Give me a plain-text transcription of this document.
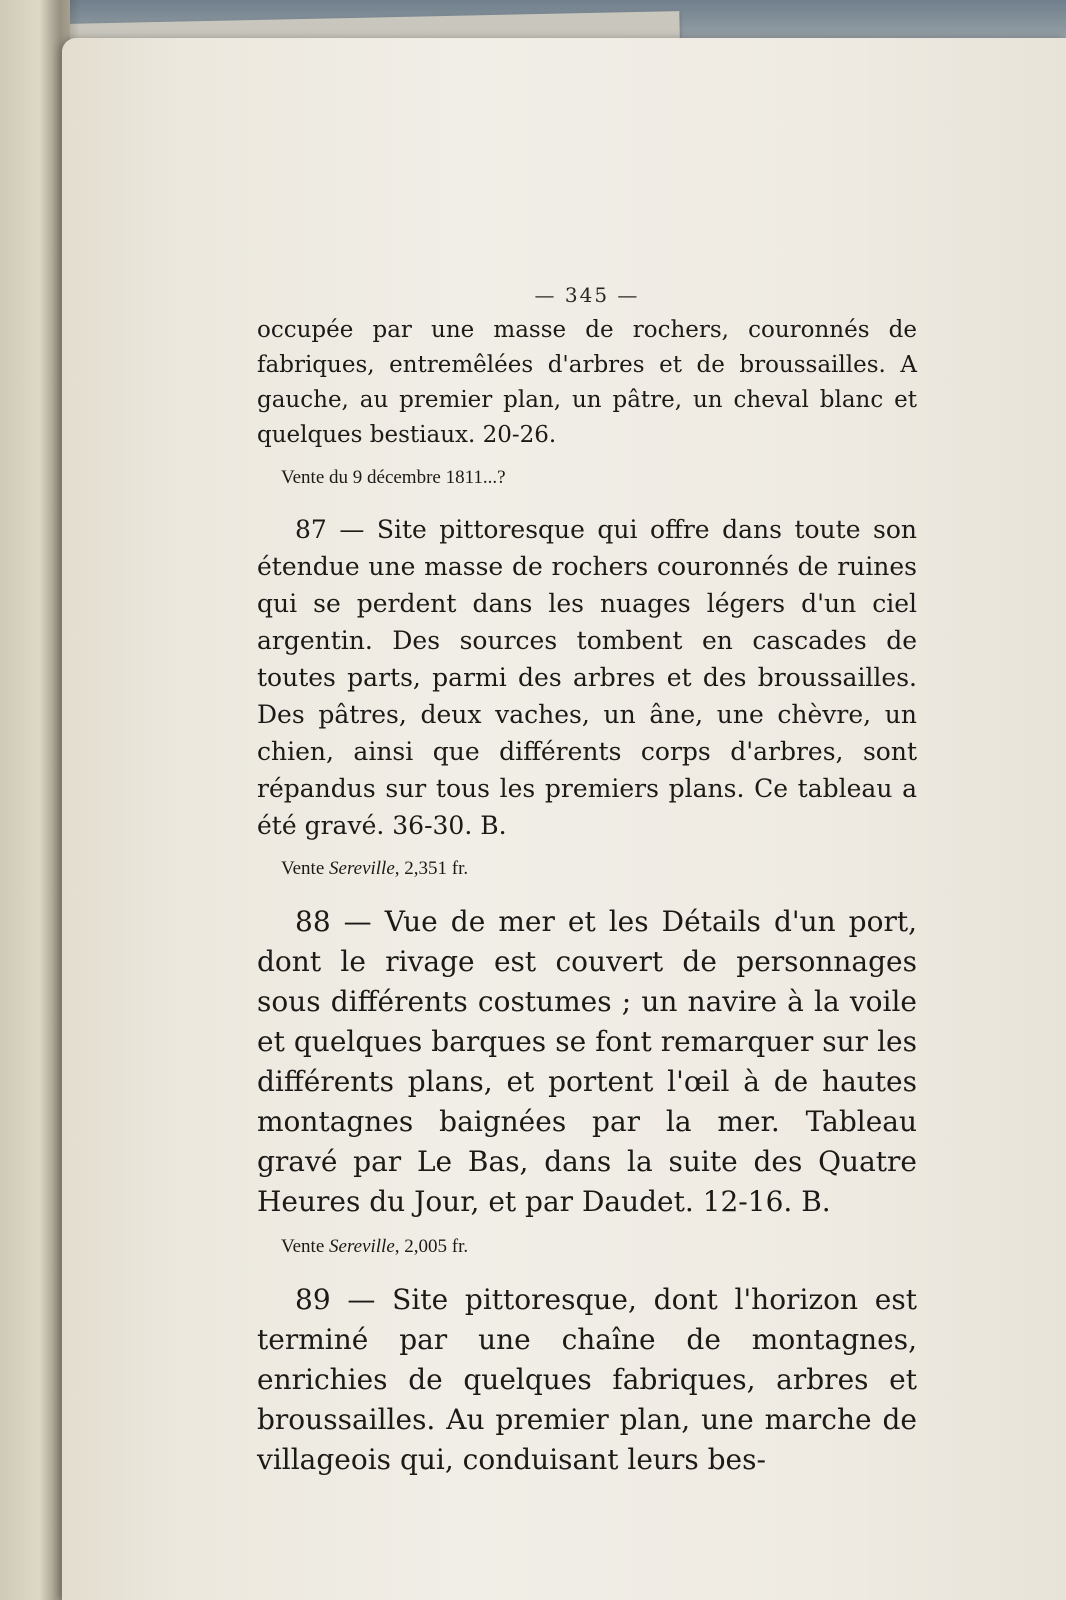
— 345 —

occupée par une masse de rochers, couronnés de fabriques, entremêlées d'arbres et de broussailles. A gauche, au premier plan, un pâtre, un cheval blanc et quelques bestiaux. 20-26.

Vente du 9 décembre 1811...?

87 — Site pittoresque qui offre dans toute son étendue une masse de rochers couronnés de ruines qui se perdent dans les nuages légers d'un ciel argentin. Des sources tombent en cascades de toutes parts, parmi des arbres et des broussailles. Des pâtres, deux vaches, un âne, une chèvre, un chien, ainsi que différents corps d'arbres, sont répandus sur tous les premiers plans. Ce tableau a été gravé. 36-30. B.

Vente Sereville, 2,351 fr.

88 — Vue de mer et les Détails d'un port, dont le rivage est couvert de personnages sous différents costumes ; un navire à la voile et quelques barques se font remarquer sur les différents plans, et portent l'œil à de hautes montagnes baignées par la mer. Tableau gravé par Le Bas, dans la suite des Quatre Heures du Jour, et par Daudet. 12-16. B.

Vente Sereville, 2,005 fr.

89 — Site pittoresque, dont l'horizon est terminé par une chaîne de montagnes, enrichies de quelques fabriques, arbres et broussailles. Au premier plan, une marche de villageois qui, conduisant leurs bes-
